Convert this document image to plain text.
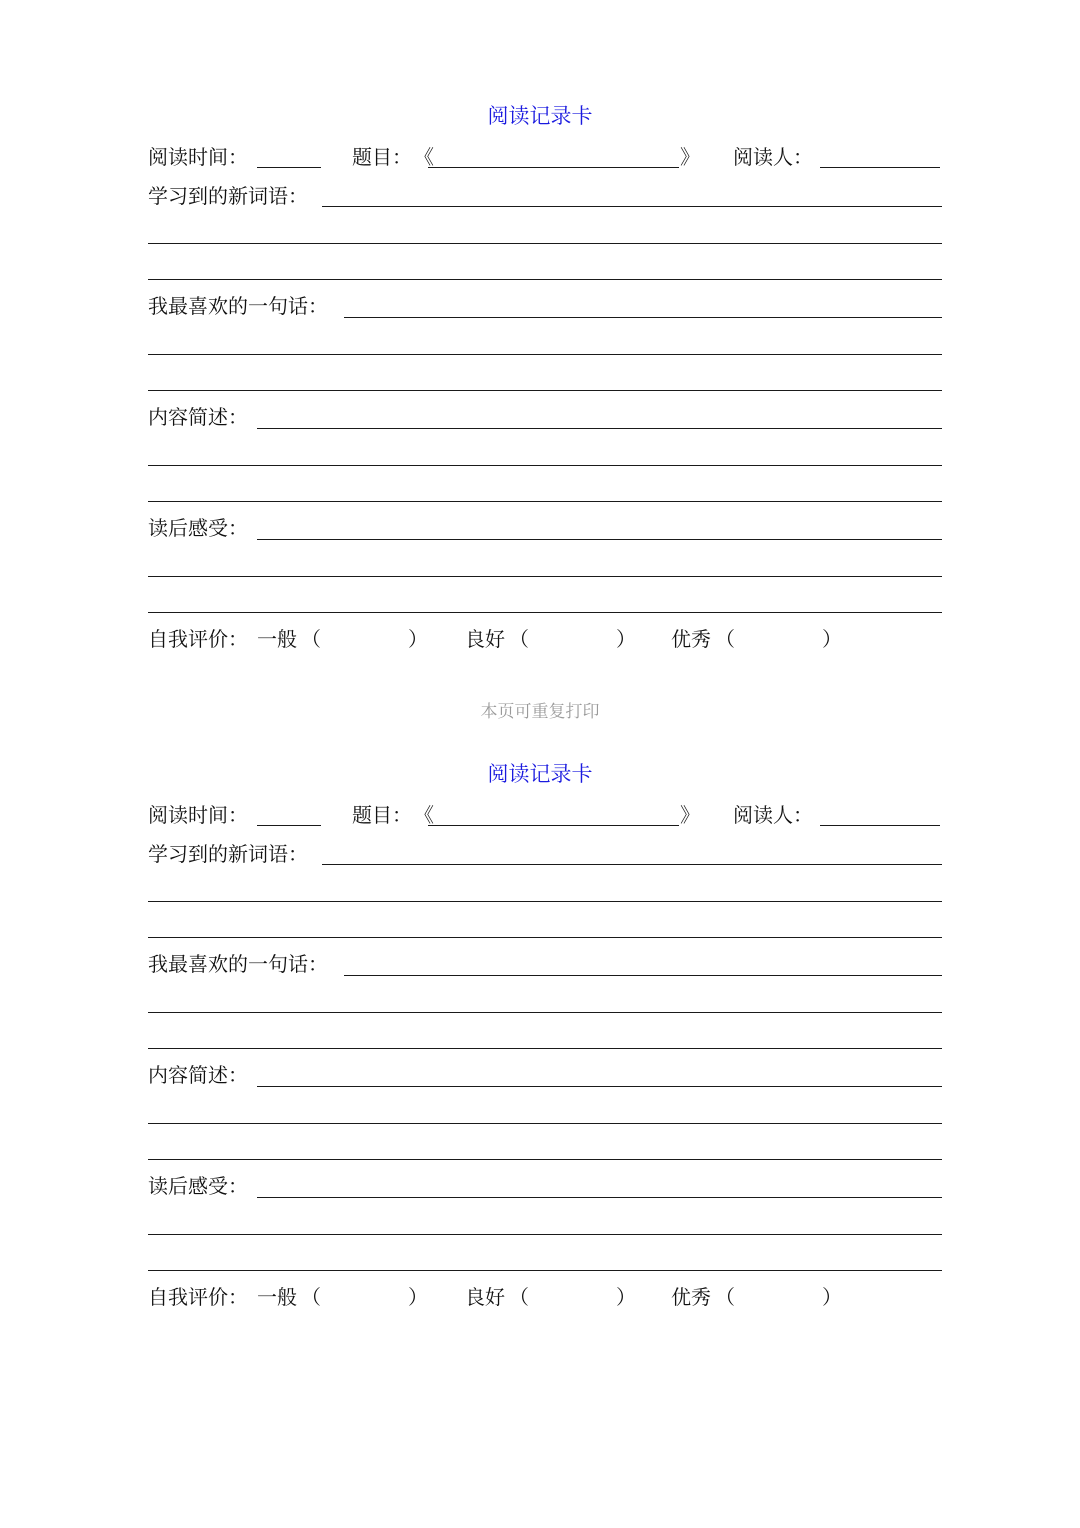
阅读记录卡
阅读时间：	题目： 《	》 阅读人：
学习到的新词语：
我最喜欢的一句话：
内容简述：
读后感受：
自我评价： 一般 （	） 良好 （	） 优秀 （	）
本页可重复打印
阅读记录卡
阅读时间：	题目： 《	》 阅读人：
学习到的新词语：
我最喜欢的一句话：
内容简述：
读后感受：
自我评价： 一般 （	） 良好 （	） 优秀 （	）
